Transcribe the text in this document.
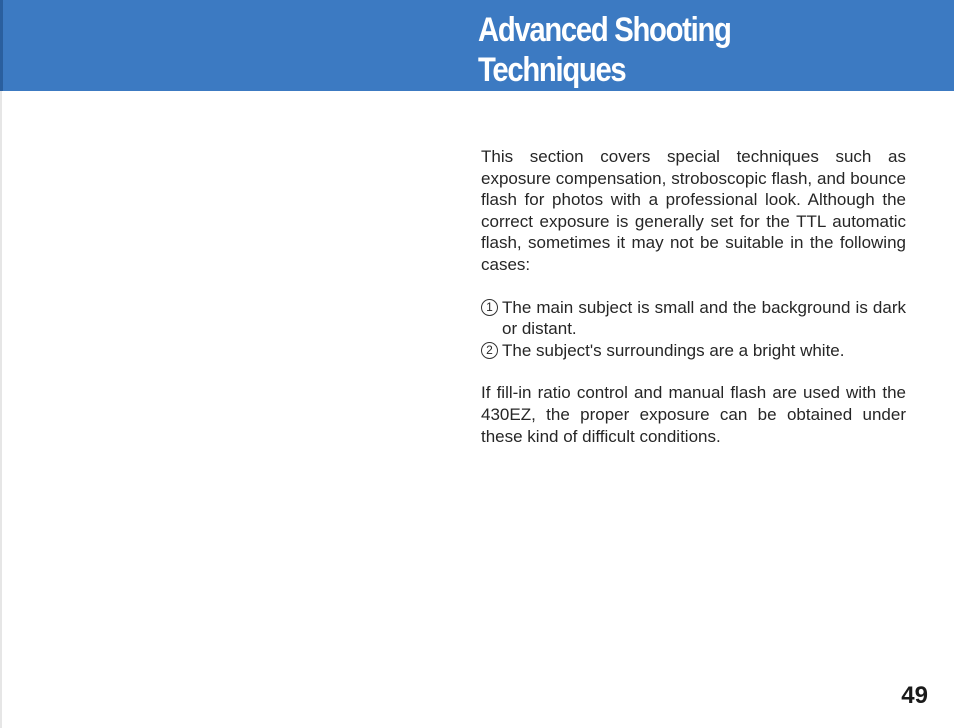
Advanced Shooting
Techniques

This section covers special techniques such as exposure compensation, stroboscopic flash, and bounce flash for photos with a professional look. Although the correct exposure is generally set for the TTL automatic flash, sometimes it may not be suitable in the following cases:

1 The main subject is small and the background is dark or distant.
2 The subject's surroundings are a bright white.

If fill-in ratio control and manual flash are used with the 430EZ, the proper exposure can be obtained under these kind of difficult conditions.

49
